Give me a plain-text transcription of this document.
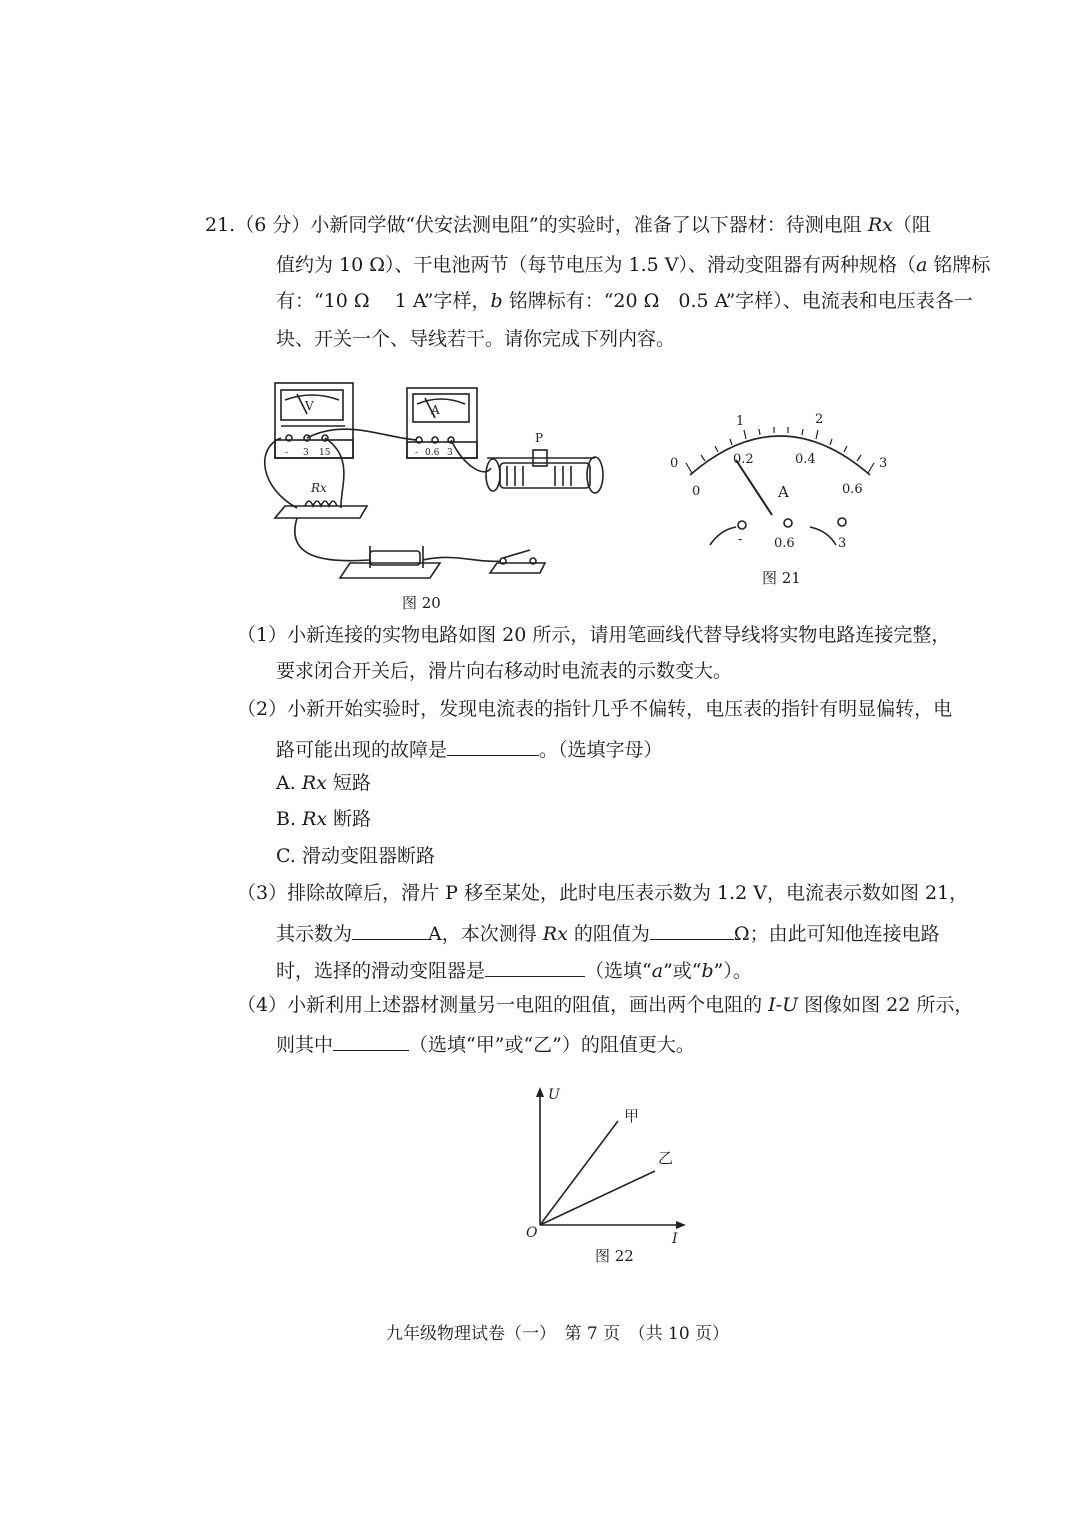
21.（6 分）小新同学做“伏安法测电阻”的实验时，准备了以下器材：待测电阻 Rx（阻
值约为 10 Ω）、干电池两节（每节电压为 1.5 V）、滑动变阻器有两种规格（a 铭牌标
有：“10 Ω　 1 A”字样，b 铭牌标有：“20 Ω　0.5 A”字样）、电流表和电压表各一
块、开关一个、导线若干。请你完成下列内容。
V
- 3 15
A
- 0.6 3
P
Rx
图 20
0
1	2
3
0
0.2	0.4
0.6
A
- 0.6	3
图 21
（1）小新连接的实物电路如图 20 所示，请用笔画线代替导线将实物电路连接完整，
要求闭合开关后，滑片向右移动时电流表的示数变大。
（2）小新开始实验时，发现电流表的指针几乎不偏转，电压表的指针有明显偏转，电
路可能出现的故障是	。（选填字母）
A. Rx 短路
B. Rx 断路
C. 滑动变阻器断路
（3）排除故障后，滑片 P 移至某处，此时电压表示数为 1.2 V，电流表示数如图 21，
其示数为	A，本次测得 Rx 的阻值为	Ω；由此可知他连接电路
时，选择的滑动变阻器是	（选填“a”或“b”）。
（4）小新利用上述器材测量另一电阻的阻值，画出两个电阻的 I-U 图像如图 22 所示，
则其中	（选填“甲”或“乙”）的阻值更大。
U
I
O
甲
乙
图 22
九年级物理试卷（一）　第 7 页　（共 10 页）
